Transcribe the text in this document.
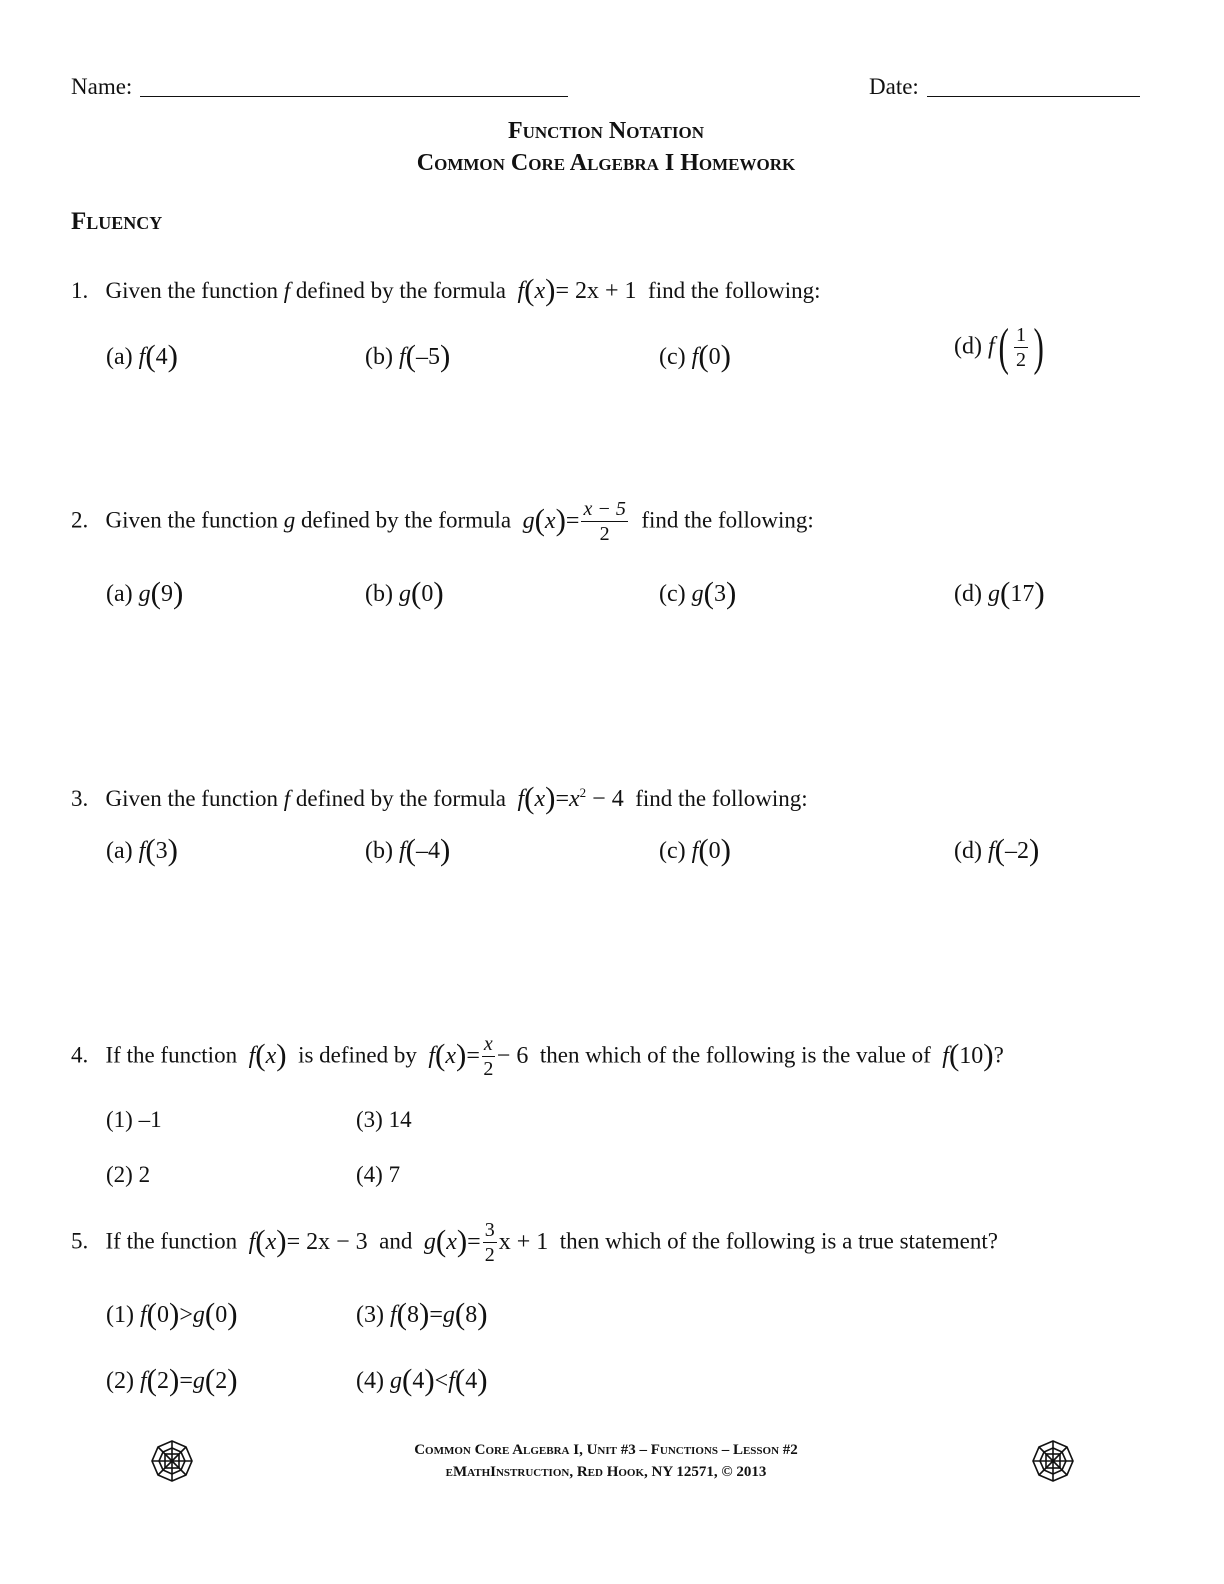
Name:	Date:
Function Notation
Common Core Algebra I Homework
Fluency
1. Given the function f defined by the formula f(x)= 2x + 1 find the following:
(a) f(4)	(b) f(–5)	(c) f(0)	(d) $f( \frac{1}{2}$ )
2. Given the function g defined by the formula $g(x)= \frac{x - 5}{2}$ find the following:
(a) g(9)	(b) g(0)	(c) g(3)	(d) g(17)
3. Given the function f defined by the formula $f(x)=x^2 - 4$ find the following:
(a) f(3)	(b) f(–4)	(c) f(0)	(d) f(–2)
4. If the function f(x) is defined by $f(x)= \frac{x}{2} - 6$ then which of the following is the value of f(10)?
(1) –1
(2) 2
(3) 14
(4) 7
5. If the function f(x)= 2x − 3 and $g(x)= \frac{3}{2}$ x + 1 then which of the following is a true statement?
(1) f(0)>g(0)
(2) f(2)=g(2)
(3) f(8)=g(8)
(4) g(4)<f(4)
Common Core Algebra I, Unit #3 – Functions – Lesson #2
eMathInstruction, Red Hook, NY 12571, © 2013
